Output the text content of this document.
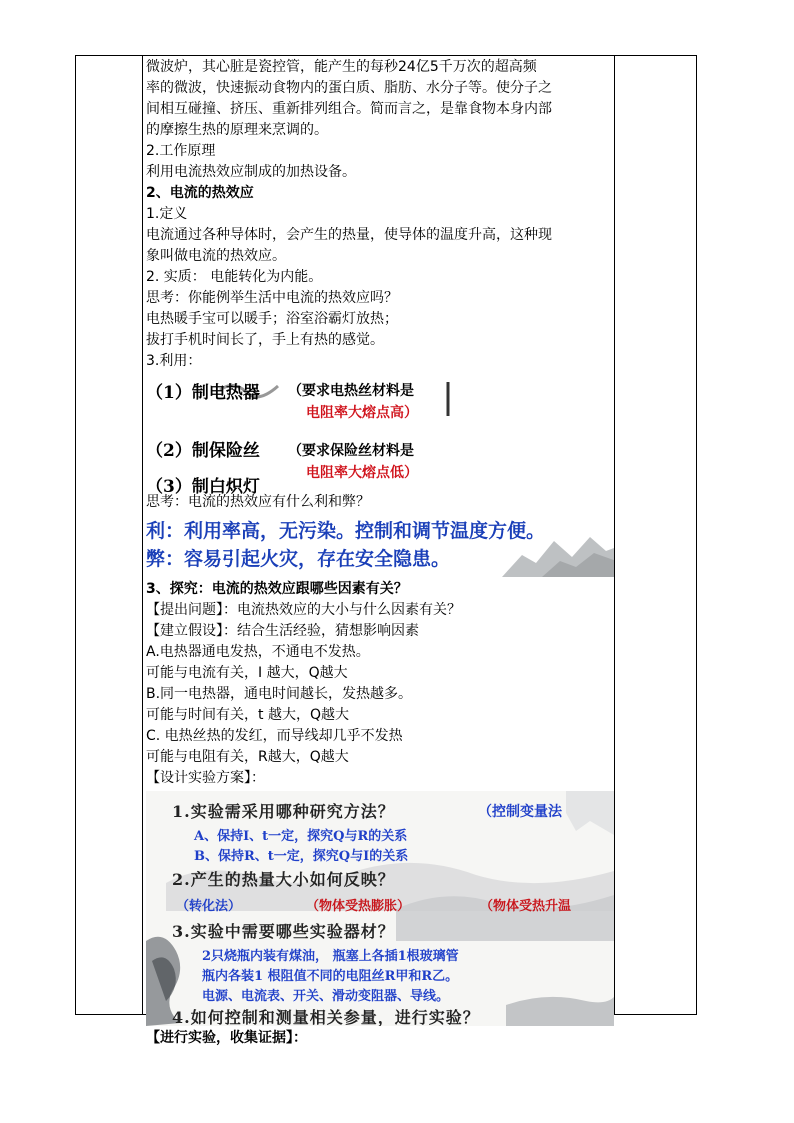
微波炉，其心脏是瓷控管，能产生的每秒24亿5千万次的超高频
率的微波，快速振动食物内的蛋白质、脂肪、水分子等。使分子之
间相互碰撞、挤压、重新排列组合。简而言之，是靠食物本身内部
的摩擦生热的原理来烹调的。
2.工作原理
利用电流热效应制成的加热设备。
2、电流的热效应
1.定义
电流通过各种导体时，会产生的热量，使导体的温度升高，这种现
象叫做电流的热效应。
2. 实质： 电能转化为内能。
思考：你能例举生活中电流的热效应吗？
电热暖手宝可以暖手；浴室浴霸灯放热；
拔打手机时间长了，手上有热的感觉。
3.利用：
（1）制电热器 （要求电热丝材料是
电阻率大熔点高）
（2）制保险丝 （要求保险丝材料是
电阻率大熔点低）
（3）制白炽灯
思考：电流的热效应有什么利和弊？
利：利用率高，无污染。控制和调节温度方便。
弊：容易引起火灾，存在安全隐患。
3、探究：电流的热效应跟哪些因素有关？
【提出问题】：电流热效应的大小与什么因素有关？
【建立假设】：结合生活经验，猜想影响因素
A.电热器通电发热，不通电不发热。
可能与电流有关，I 越大，Q越大
B.同一电热器，通电时间越长，发热越多。
可能与时间有关，t 越大，Q越大
C. 电热丝热的发红，而导线却几乎不发热
可能与电阻有关，R越大，Q越大
【设计实验方案】：
1.实验需采用哪种研究方法？	（控制变量法
A、保持I、t一定，探究Q与R的关系
B、保持R、t一定，探究Q与I的关系
2.产生的热量大小如何反映？
（转化法）	（物体受热膨胀）	（物体受热升温
3.实验中需要哪些实验器材？
2只烧瓶内装有煤油， 瓶塞上各插1根玻璃管
瓶内各装1 根阻值不同的电阻丝R甲和R乙。
电源、电流表、开关、滑动变阻器、导线。
4.如何控制和测量相关参量，进行实验？
【进行实验，收集证据】：
